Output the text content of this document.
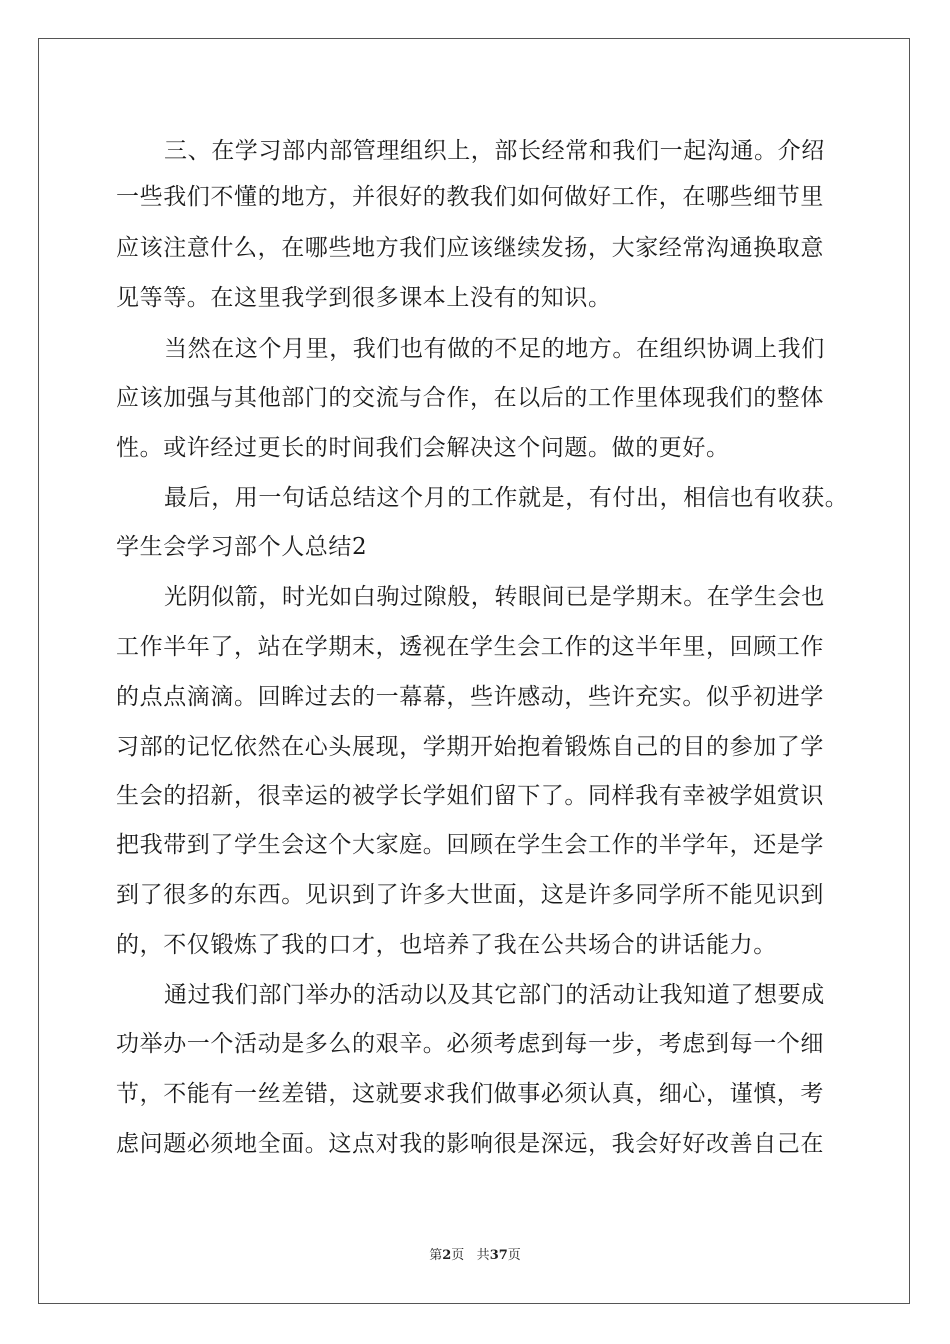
三、在学习部内部管理组织上，部长经常和我们一起沟通。介绍
一些我们不懂的地方，并很好的教我们如何做好工作，在哪些细节里
应该注意什么，在哪些地方我们应该继续发扬，大家经常沟通换取意
见等等。在这里我学到很多课本上没有的知识。
当然在这个月里，我们也有做的不足的地方。在组织协调上我们
应该加强与其他部门的交流与合作，在以后的工作里体现我们的整体
性。或许经过更长的时间我们会解决这个问题。做的更好。
最后，用一句话总结这个月的工作就是，有付出，相信也有收获。
学生会学习部个人总结2
光阴似箭，时光如白驹过隙般，转眼间已是学期末。在学生会也
工作半年了，站在学期末，透视在学生会工作的这半年里，回顾工作
的点点滴滴。回眸过去的一幕幕，些许感动，些许充实。似乎初进学
习部的记忆依然在心头展现，学期开始抱着锻炼自己的目的参加了学
生会的招新，很幸运的被学长学姐们留下了。同样我有幸被学姐赏识
把我带到了学生会这个大家庭。回顾在学生会工作的半学年，还是学
到了很多的东西。见识到了许多大世面，这是许多同学所不能见识到
的，不仅锻炼了我的口才，也培养了我在公共场合的讲话能力。
通过我们部门举办的活动以及其它部门的活动让我知道了想要成
功举办一个活动是多么的艰辛。必须考虑到每一步，考虑到每一个细
节，不能有一丝差错，这就要求我们做事必须认真，细心，谨慎，考
虑问题必须地全面。这点对我的影响很是深远，我会好好改善自己在
第2页 共37页
